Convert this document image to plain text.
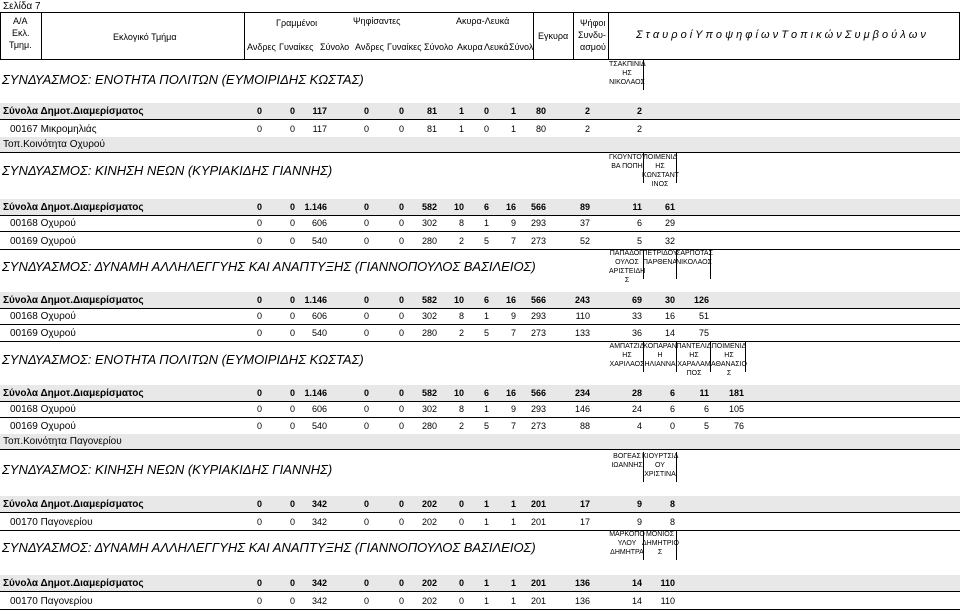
Σελίδα 7
Α/Α
Εκλ.
Τμημ.
Εκλογικό Τμήμα
Γραμμένοι	Ψηφίσαντες	Ακυρα-Λευκά
Εγκυρα
Ψήφοι
Συνδυ-
ασμού
Σ τ α υ ρ ο ί Υ π ο ψ η φ ί ω ν Τ ο π ι κ ώ ν Σ υ μ β ο ύ λ ω ν
Ανδρες Γυναίκες Σύνολο Ανδρες Γυναίκες Σύνολο Ακυρα Λευκά Σύνολ
ΣΥΝΔΥΑΣΜΟΣ: ΕΝΟΤΗΤΑ ΠΟΛΙΤΩΝ (ΕΥΜΟΙΡΙΔΗΣ ΚΩΣΤΑΣ)
ΤΣΑΚΠΙΝΙΔ
ΗΣ
ΝΙΚΟΛΑΟΣ
Σύνολα Δημοτ.Διαμερίσματος	0	0	117	0	0	81	1	0	1	80	2	2
00167 Μικρομηλιάς	0	0	117	0	0	81	1	0	1	80	2	2
Τοπ.Κοινότητα Οχυρού
ΣΥΝΔΥΑΣΜΟΣ: ΚΙΝΗΣΗ ΝΕΩΝ (ΚΥΡΙΑΚΙΔΗΣ ΓΙΑΝΝΗΣ)
ΓΚΟΥΝΤΟΥ
ΒΑ ΠΟΠΗ
ΠΟΙΜΕΝΙΔ
ΗΣ
ΚΩΝΣΤΑΝΤ
ΙΝΟΣ
Σύνολα Δημοτ.Διαμερίσματος	0	0	1.146	0	0	582	10	6	16	566	89	11	61
00168 Οχυρού	0	0	606	0	0	302	8	1	9	293	37	6	29
00169 Οχυρού	0	0	540	0	0	280	2	5	7	273	52	5	32
ΣΥΝΔΥΑΣΜΟΣ: ΔΥΝΑΜΗ ΑΛΛΗΛΕΓΓΥΗΣ ΚΑΙ ΑΝΑΠΤΥΞΗΣ (ΓΙΑΝΝΟΠΟΥΛΟΣ ΒΑΣΙΛΕΙΟΣ)
ΠΑΠΑΔΟΠ
ΟΥΛΟΣ
ΑΡΙΣΤΕΙΔΗ
Σ
ΠΕΤΡΙΔΟΥ
ΠΑΡΘΕΝΑ
ΣΑΡΠΟΤΑΣ
ΝΙΚΟΛΑΟΣ
Σύνολα Δημοτ.Διαμερίσματος	0	0	1.146	0	0	582	10	6	16	566	243	69	30	126
00168 Οχυρού	0	0	606	0	0	302	8	1	9	293	110	33	16	51
00169 Οχυρού	0	0	540	0	0	280	2	5	7	273	133	36	14	75
ΣΥΝΔΥΑΣΜΟΣ: ΕΝΟΤΗΤΑ ΠΟΛΙΤΩΝ (ΕΥΜΟΙΡΙΔΗΣ ΚΩΣΤΑΣ)
ΑΜΠΑΤΖΙΔ
ΗΣ
ΧΑΡΙΛΑΟΣ
ΚΟΠΑΡΑΝ
Η ΗΛΙΑΝΝΑ
ΠΑΝΤΕΛΙΔ
ΗΣ
ΧΑΡΑΛΑΜ
ΠΟΣ
ΠΟΙΜΕΝΙΔ
ΗΣ
ΑΘΑΝΑΣΙΟ
Σ
Σύνολα Δημοτ.Διαμερίσματος	0	0	1.146	0	0	582	10	6	16	566	234	28	6	11	181
00168 Οχυρού	0	0	606	0	0	302	8	1	9	293	146	24	6	6	105
00169 Οχυρού	0	0	540	0	0	280	2	5	7	273	88	4	0	5	76
Τοπ.Κοινότητα Παγονερίου
ΣΥΝΔΥΑΣΜΟΣ: ΚΙΝΗΣΗ ΝΕΩΝ (ΚΥΡΙΑΚΙΔΗΣ ΓΙΑΝΝΗΣ)
ΒΟΓΕΑΣ
ΙΩΑΝΝΗΣ
ΚΙΟΥΡΤΣΙΔ
ΟΥ
ΧΡΙΣΤΙΝΑ
Σύνολα Δημοτ.Διαμερίσματος	0	0	342	0	0	202	0	1	1	201	17	9	8
00170 Παγονερίου	0	0	342	0	0	202	0	1	1	201	17	9	8
ΣΥΝΔΥΑΣΜΟΣ: ΔΥΝΑΜΗ ΑΛΛΗΛΕΓΓΥΗΣ ΚΑΙ ΑΝΑΠΤΥΞΗΣ (ΓΙΑΝΝΟΠΟΥΛΟΣ ΒΑΣΙΛΕΙΟΣ)
ΜΑΡΚΟΠΟ
ΥΛΟΥ
ΔΗΜΗΤΡΑ
ΜΟΝΙΟΣ
ΔΗΜΗΤΡΙΟ
Σ
Σύνολα Δημοτ.Διαμερίσματος	0	0	342	0	0	202	0	1	1	201	136	14	110
00170 Παγονερίου	0	0	342	0	0	202	0	1	1	201	136	14	110
